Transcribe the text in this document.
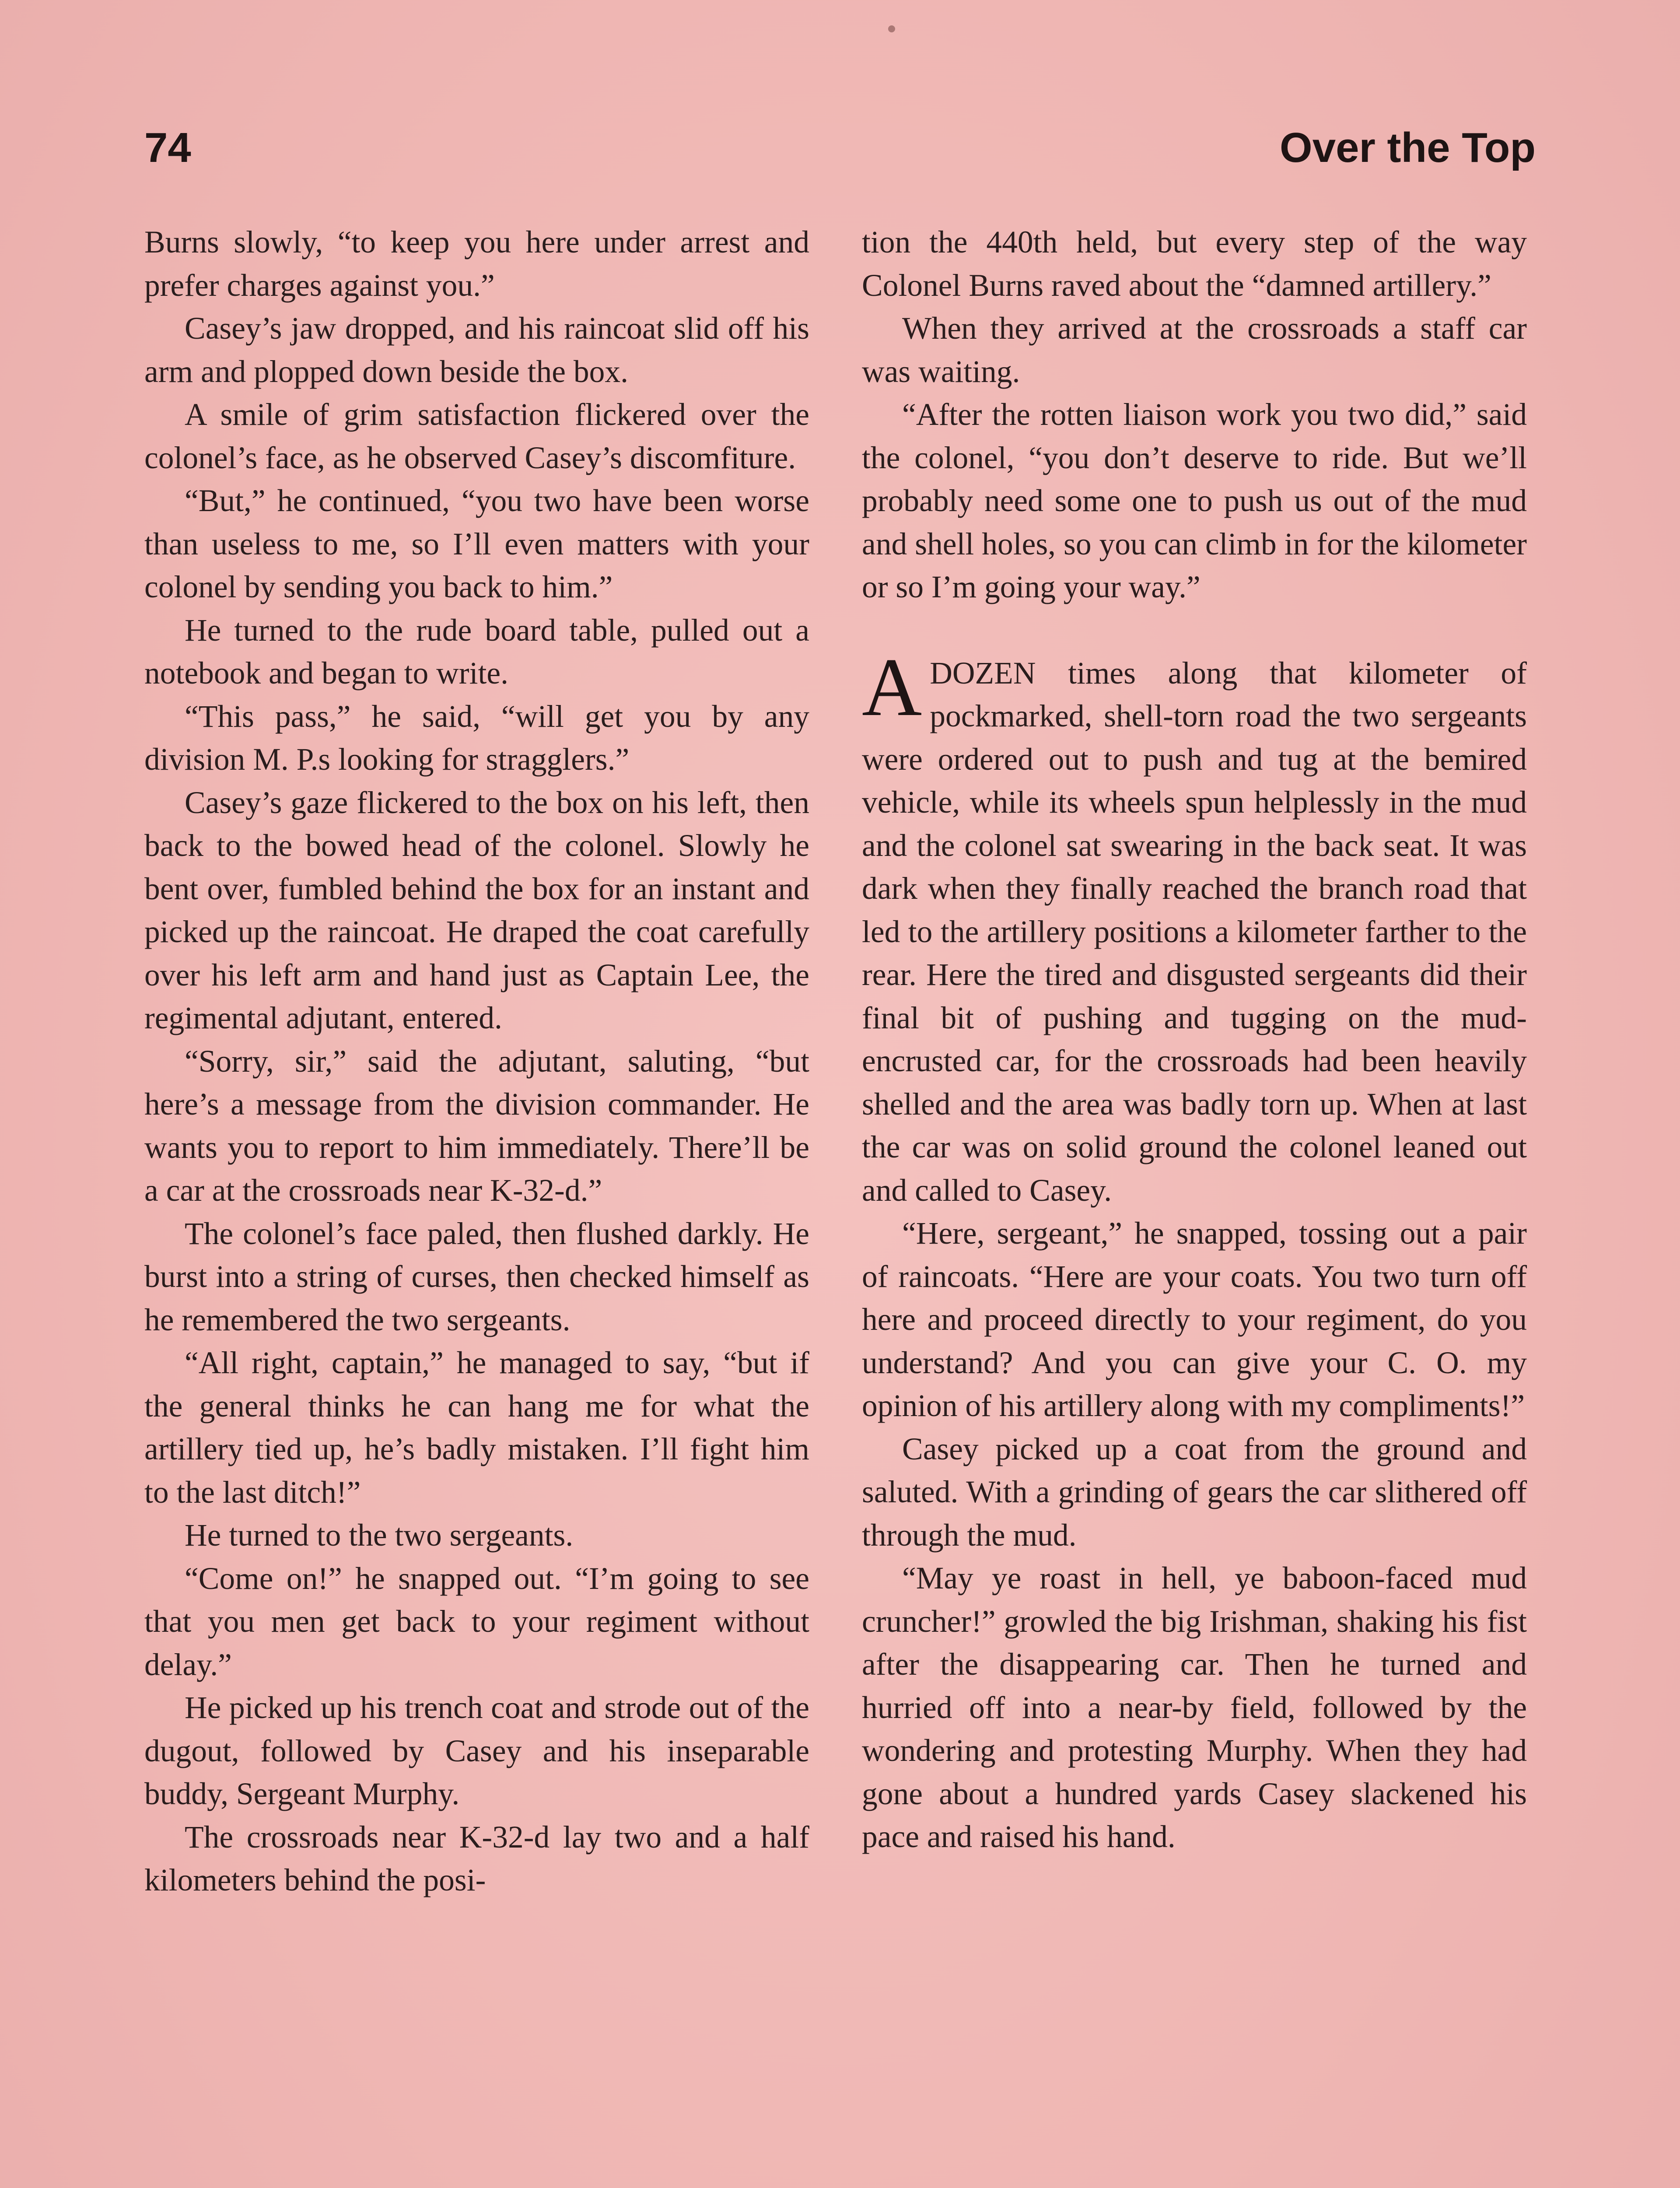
74	Over the Top

Burns slowly, “to keep you here under arrest and prefer charges against you.”

Casey’s jaw dropped, and his raincoat slid off his arm and plopped down beside the box.

A smile of grim satisfaction flickered over the colonel’s face, as he observed Casey’s discomfiture.

“But,” he continued, “you two have been worse than useless to me, so I’ll even matters with your colonel by sending you back to him.”

He turned to the rude board table, pulled out a notebook and began to write.

“This pass,” he said, “will get you by any division M. P.s looking for stragglers.”

Casey’s gaze flickered to the box on his left, then back to the bowed head of the colonel. Slowly he bent over, fumbled behind the box for an instant and picked up the raincoat. He draped the coat carefully over his left arm and hand just as Captain Lee, the regimental adjutant, entered.

“Sorry, sir,” said the adjutant, saluting, “but here’s a message from the division commander. He wants you to report to him immediately. There’ll be a car at the crossroads near K-32-d.”

The colonel’s face paled, then flushed darkly. He burst into a string of curses, then checked himself as he remembered the two sergeants.

“All right, captain,” he managed to say, “but if the general thinks he can hang me for what the artillery tied up, he’s badly mistaken. I’ll fight him to the last ditch!”

He turned to the two sergeants.

“Come on!” he snapped out. “I’m going to see that you men get back to your regiment without delay.”

He picked up his trench coat and strode out of the dugout, followed by Casey and his inseparable buddy, Sergeant Murphy.

The crossroads near K-32-d lay two and a half kilometers behind the posi-

tion the 440th held, but every step of the way Colonel Burns raved about the “damned artillery.”

When they arrived at the crossroads a staff car was waiting.

“After the rotten liaison work you two did,” said the colonel, “you don’t deserve to ride. But we’ll probably need some one to push us out of the mud and shell holes, so you can climb in for the kilometer or so I’m going your way.”

ADOZEN times along that kilometer of pockmarked, shell-torn road the two sergeants were ordered out to push and tug at the bemired vehicle, while its wheels spun helplessly in the mud and the colonel sat swearing in the back seat. It was dark when they finally reached the branch road that led to the artillery positions a kilometer farther to the rear. Here the tired and disgusted sergeants did their final bit of pushing and tugging on the mud-encrusted car, for the crossroads had been heavily shelled and the area was badly torn up. When at last the car was on solid ground the colonel leaned out and called to Casey.

“Here, sergeant,” he snapped, tossing out a pair of raincoats. “Here are your coats. You two turn off here and proceed directly to your regiment, do you understand? And you can give your C. O. my opinion of his artillery along with my compliments!”

Casey picked up a coat from the ground and saluted. With a grinding of gears the car slithered off through the mud.

“May ye roast in hell, ye baboon-faced mud cruncher!” growled the big Irishman, shaking his fist after the disappearing car. Then he turned and hurried off into a near-by field, followed by the wondering and protesting Murphy. When they had gone about a hundred yards Casey slackened his pace and raised his hand.
